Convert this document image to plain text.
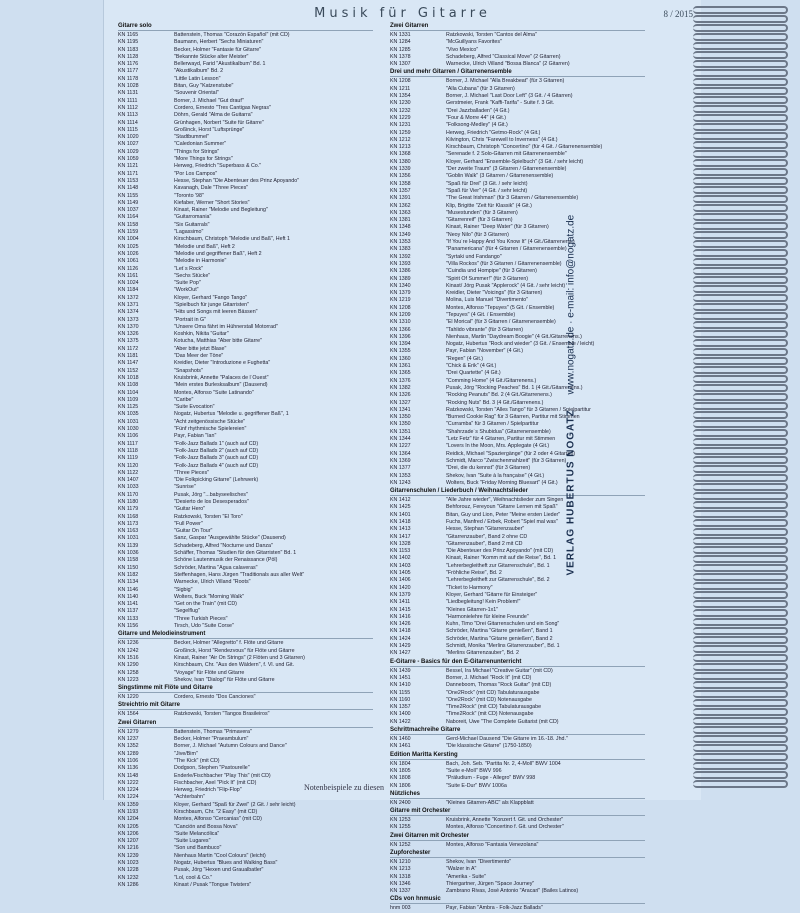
Musik für Gitarre	8 / 2015
Gitarre solo
KN 1165	Battenstein, Thomas "Corazón Español" (mit CD)
KN 1195	Baumann, Herbert "Sechs Miniaturen"
KN 1183	Becker, Holmer "Fantasie für Gitarre"
KN 1128	"Bekannte Stücke alter Meister"
KN 1176	Bellerwayd, Farid "Akustikalbum" Bd. 1
KN 1177	"Akustikalbum" Bd. 2
KN 1178	"Little Latin Lesson"
KN 1028	Bitan, Guy "Katzenstube"
KN 1131	"Souvenir Oriental"
KN 1111	Borner, J. Michael "Gut drauf"
KN 1112	Cordero, Ernesto "Tres Cantigas Negras"
KN 1113	Döhrn, Gerald "Alma de Guitarra"
KN 1114	Grünhagen, Norbert "Suite für Gitarre"
KN 1115	Großinck, Horst "Luftsprünge"
KN 1020	"Stadtbummel"
KN 1027	"Caledonian Summer"
KN 1029	"Things for Strings"
KN 1059	"More Things for Strings"
KN 1121	Herweg, Friedrich "Superbass & Co."
KN 1171	"Por Los Campos"
KN 1153	Hesse, Stephan "Die Abenteuer des Prinz Apoyando"
KN 1148	Kavanagh, Dale "Three Pieces"
KN 1155	"Toronto '98"
KN 1149	Kiefaber, Werner "Short Stories"
KN 1037	Kinast, Rainer "Melodie und Begleitung"
KN 1164	"Guitarromania"
KN 1158	"Six Guitarrals"
KN 1159	"Lagassimo"
KN 1004	Kirschbaum, Christoph "Melodie und Baß", Heft 1
KN 1025	"Melodie und Baß", Heft 2
KN 1026	"Melodie und gegriffener Baß", Heft 2
KN 1061	"Melodie in Harmonie"
KN 1126	"Let´s Rock"
KN 1161	"Sechs Stücke"
KN 1024	"Suite Pop"
KN 1184	"WorkOut"
KN 1372	Kloyer, Gerhard "Fango Tango"
KN 1371	"Spielbuch für junge Gitarristen"
KN 1374	"Hits und Songs mit leeren Bässen"
KN 1373	"Portrait in G"
KN 1370	"Unsere Oma fährt im Hühnerstall Motorrad"
KN 1326	Koshkin, Nikita "Guitar"
KN 1375	Kotucha, Matthias "Aber bitte Gitarre"
KN 1172	"Aber bitte jetzt Blase"
KN 1181	"Das Meer der Töne"
KN 1147	Kreidler, Dieter "Introduzione e Fughetta"
KN 1152	"Snapshots"
KN 1018	Kruisbrink, Annette "Palaces de l´Ouest"
KN 1108	"Mein erstes Burlesksalbum" (Dausend)
KN 1104	Montes, Alfonso "Suite Latinando"
KN 1109	"Caribe"
KN 1125	"Suite Evocation"
KN 1035	Nogatz, Hubertus "Melodie u. gegriffener Baß", 1
KN 1031	"Acht zeitgenössische Stücke"
KN 1030	"Fünf rhythmische Spielereien"
KN 1106	Payr, Fabian "Ian"
KN 1117	"Folk-Jazz Ballads 1" (auch auf CD)
KN 1118	"Folk-Jazz Ballads 2" (auch auf CD)
KN 1119	"Folk-Jazz Ballads 3" (auch auf CD)
KN 1120	"Folk-Jazz Ballads 4" (auch auf CD)
KN 1122	"Three Pieces"
KN 1407	"Die Folkpicking Gitarre" (Lehrwerk)
KN 1033	"Sunrise"
KN 1170	Pusak, Jörg "...babyseelisches"
KN 1180	"Desierto de los Desesperados"
KN 1179	"Guitar Hero"
KN 1168	Ratzkowski, Torsten "El Toro"
KN 1173	"Full Power"
KN 1163	"Guitar On Tour"
KN 1031	Sanz, Gaspar "Ausgewählte Stücke" (Dausend)
KN 1139	Schadeberg, Alfred "Nocturne und Danza"
KN 1036	Schäffer, Thomas "Studien für den Gitarristen" Bd. 1
KN 1158	Schöne Lautenmusik der Renaissance (Pöl)
KN 1150	Schröder, Martina "Agua calaveras"
KN 1182	Steffenhagen, Hans Jürgen "Traditionals aus aller Welt"
KN 1134	Warnecke, Ulrich Villand "Roots"
KN 1146	"Sigbig"
KN 1140	Wolters, Buck "Morning Walk"
KN 1141	"Get on the Train" (mit CD)
KN 1137	"Segelflug"
KN 1133	"Three Turkish Pieces"
KN 1156	Tirsch, Udo "Suite Corse"
Gitarre und Melodieinstrument
KN 1236	Becker, Holmer "Allegretto" f. Flöte und Gitarre
KN 1242	Großinck, Horst "Rendezvous" für Flöte und Gitarre
KN 1516	Kinast, Rainer "Air On Strings" (2 Flöten und 3 Gitarren)
KN 1290	Kirschbaum, Chr. "Aus den Wäldern", f. Vl. und Git.
KN 1258	"Voyage" für Flöte und Gitarre
KN 1223	Shekov, Ivan "Dialogi" für Flöte und Gitarre
Singstimme mit Flöte und Gitarre
KN 1220	Cordero, Ernesto "Dos Canciones"
Streichtrio mit Gitarre
KN 1564	Ratzkowski, Torsten "Tangos Brasileiros"
Zwei Gitarren
KN 1279	Battenstein, Thomas "Primavera"
KN 1237	Becker, Holmer "Praeambulum"
KN 1352	Borner, J. Michael "Autumn Colours and Dance"
KN 1289	"Jive/Bim"
KN 1106	"The Kick" (mit CD)
KN 1136	Dodgson, Stephen "Pastourelle"
KN 1148	Enderle/Fischbacher "Play This" (mit CD)
KN 1222	Fischbacher, Axel "Pick It" (mit CD)
KN 1224	Herweg, Friedrich "Flip-Flop"
KN 1224	"Achterbahn"
KN 1359	Kloyer, Gerhard "Spaß für Zwei" (2 Git. / sehr leicht)
KN 1193	Kirschbaum, Chr. "2 Easy" (mit CD)
KN 1204	Montes, Alfonso "Cercanias" (mit CD)
KN 1205	"Canción and Bossa Nova"
KN 1206	"Suite Melancólica"
KN 1207	"Suite Lugares"
KN 1216	"Son und Bambuco"
KN 1239	Nienhaus Martin "Cool Colours" (leicht)
KN 1023	Nogatz, Hubertus "Blues and Walking Bass"
KN 1228	Pusak, Jörg "Hexen und Graualbatler"
KN 1232	"Lol, cool & Co."
KN 1286	Kinast / Pusak "Tongue Twisters"
Zwei Gitarren
KN 1331	Ratzkowski, Torsten "Cantos del Alma"
KN 1284	"McGuillyans Favorites"
KN 1285	"Vivo Mexico"
KN 1378	Schadeberg, Alfred "Classical Move" (2 Gitarren)
KN 1307	Warnecke, Ulrich Villand "Bossa Blanca" (2 Gitarren)
Drei und mehr Gitarren / Gitarrenensemble
KN 1208	Borner, J. Michael "Alla Breakbeat" (für 3 Gitarren)
KN 1211	"Alla Cubana" (für 3 Gitarren)
KN 1354	Borner, J. Michael "Last Door Left" (3 Git. / 4 Gitarren)
KN 1230	Gerstmeier, Frank "Kaffi-Tarifa" - Suite f. 3 Git.
KN 1232	"Drei Jazzballaden" (4 Git.)
KN 1229	"Four & Morre 44" (4 Git.)
KN 1231	"Folksong-Medley" (4 Git.)
KN 1259	Herweg, Friedrich "Getmo-Rock" (4 Git.)
KN 1212	Kilvington, Chris "Farewell to Inverness" (4 Git.)
KN 1213	Kirschbaum, Christoph "Concertino" (für 4 Git. / Gitarrenensemble)
KN 1368	"Serenade f. 2 Solo-Gitarren mit Gitarrenensemble"
KN 1380	Kloyer, Gerhard "Ensemble-Spielbuch" (3 Git. / sehr leicht)
KN 1339	"Der zweite Traum" (3 Gitarren / Gitarrenensemble)
KN 1356	"Goblin Walk" (3 Gitarren / Gitarrenensemble)
KN 1358	"Spaß für Drei" (3 Git. / sehr leicht)
KN 1357	"Spaß für Vier" (4 Git. / sehr leicht)
KN 1391	"The Great Irishman" (für 3 Gitarren / Gitarrenensemble)
KN 1362	Klip, Brigitte "Zeit für Klassik" (4 Git.)
KN 1363	"Musestunden" (für 3 Gitarren)
KN 1381	"Gitarrenreif" (für 3 Gitarren)
KN 1348	Kinast, Rainer "Deep Water" (für 3 Gitarren)
KN 1349	"Neoy Nilo" (für 3 Gitarren)
KN 1353	"If You´re Happy And You Know It" (4 Git./Gitarrenens.)
KN 1383	"Panamericana" (für 4 Gitarren / Gitarrenensemble)
KN 1392	"Syrtaki und Fandango"
KN 1393	"Villa Rockos" (für 3 Gitarren / Gitarrenensemble)
KN 1386	"Cuindia und Hompipe" (für 3 Gitarren)
KN 1389	"Spirit Of Summer!" (für 3 Gitarren)
KN 1340	Kinast/ Jörg Pusak "Applerock" (4 Git. / sehr leicht)
KN 1379	Kreidler, Dieter "Voicings" (für 3 Gitarren)
KN 1219	Molina, Luis Manuel "Divertimento"
KN 1208	Montes, Alfonso "Tepuyes" (5 Git. / Ensemble)
KN 1209	"Tepuyes" (4 Git. / Ensemble)
KN 1310	"El Morical" (für 3 Gitarren / Gitarrenensemble)
KN 1366	"Tahlido vibrante" (für 3 Gitarren)
KN 1396	Nienhaus, Martin "Daydream Boogie" (4 Git./Gitarrenens.)
KN 1394	Nogatz, Hubertus "Rock and wieder" (3 Git. / Ensemble / leicht)
KN 1355	Payr, Fabian "November" (4 Git.)
KN 1360	"Regen" (4 Git.)
KN 1361	"Chick & Erik" (4 Git.)
KN 1365	"Drei Quartette" (4 Git.)
KN 1376	"Comming Home" (4 Git./Gitarrenens.)
KN 1382	Pusak, Jörg "Rocking Peaches" Bd. 1 (4 Git./Gitarrenens.)
KN 1326	"Rocking Peanuts" Bd. 2 (4 Git./Gitarrenens.)
KN 1327	"Rocking Nuts" Bd. 3 (4 Git./Gitarrenens.)
KN 1341	Ratzkowski, Torsten "Alles Tango" für 3 Gitarren / Spielpartitur
KN 1350	"Burned Cookie Rag" für 3 Gitarren, Partitur mit Stimmen
KN 1350	"Curramba" für 3 Gitarren / Spielpartitur
KN 1351	"Shahrzade´s Shubidua" (Gitarrenensemble)
KN 1344	"Letz Fetz" für 4 Gitarren, Partitur mit Stimmen
KN 1227	"Lovers In the Moon, Mrs. Applegate (4 Git.)
KN 1364	Reidick, Michael "Spaziergänge" (für 2 oder 4 Gitarren)
KN 1369	Schmidt, Marco "Zwischenmahlzeit" (für 3 Gitarren)
KN 1377	"Drei, die du kennst" (für 3 Gitarren)
KN 1353	Shekov, Ivan "Suite à la française" (4 Git.)
KN 1243	Wolters, Buck "Friday Morning Bluesart" (4 Git.)
Gitarrenschulen / Liederbuch / Weihnachtslieder
KN 1412	"Alle Jahre wieder", Weihnachtslieder zum Singen
KN 1425	Behforouz, Fereyoun "Gitarre Lernen mit Spaß"
KN 1401	Bitan, Guy und Lion, Peter "Meine ersten Lieder"
KN 1418	Fuchs, Manfred / Erbek, Robert "Spiel mal was"
KN 1413	Hesse, Stephan "Gitarrenzauber"
KN 1417	"Gitarrenzauber", Band 2 ohne CD
KN 1328	"Gitarrenzauber", Band 2 mit CD
KN 1153	"Die Abenteuer des Prinz Apoyando" (mit CD)
KN 1402	Kinast, Rainer "Komm mit auf die Reise", Bd. 1
KN 1403	"Lehrerbegleitheft zur Gitarrenschule", Bd. 1
KN 1405	"Fröhliche Reise", Bd. 2
KN 1406	"Lehrerbegleitheft zur Gitarrenschule", Bd. 2
KN 1420	"Ticket to Harmony"
KN 1379	Kloyer, Gerhard "Gitarre für Einsteiger"
KN 1411	"Liedbegleitung! Kein Problem!"
KN 1415	"Kleines Gitarren-1x1"
KN 1416	"Harmonielehre für kleine Freunde"
KN 1426	Kuhn, Timo "Drei Gitarrenschulen und ein Song"
KN 1418	Schröder, Martina "Gitarre genießen", Band 1
KN 1424	Schröder, Martina "Gitarre genießen", Band 2
KN 1429	Schmidt, Monika "Merlins Gitarrenzauber", Bd. 1
KN 1427	"Merlins Gitarrenzauber", Bd. 2
E-Gitarre - Basics für den E-Gitarrenunterricht
KN 1439	Bessel, Ira Michael "Creative Guitar" (mit CD)
KN 1451	Borner, J. Michael "Rock It" (mit CD)
KN 1410	Danneboom, Thomas "Rock Guitar" (mit CD)
KN 1155	"One2Rock" (mit CD) Tabulaturausgabe
KN 1160	"One2Rock" (mit CD) Notenausgabe
KN 1357	"Time2Rock" (mit CD) Tabulaturausgabe
KN 1400	"Time2Rock" (mit CD) Notenausgabe
KN 1422	Naboreit, Uwe "The Complete Guitarist (mit CD)
Schrittmachreihe Gitarre
KN 1460	Gerd-Michael Dausend "Die Gitarre im 16.-18. Jhd."
KN 1461	"Die klassische Gitarre" (1750-1850)
Edition Maritta Kersting
KN 1804	Bach, Joh. Seb. "Partita Nr. 2, 4-Moll" BWV 1004
KN 1805	"Suite e-Moll" BWV 996
KN 1808	"Präludium - Fuge - Allegro" BWV 998
KN 1806	"Suite E-Dur" BWV 1006a
Nützliches
KN 2400	"Kleines Gitarren-ABC" als Klappblatt
Gitarre mit Orchester
KN 1253	Kruisbrink, Annette "Konzert f. Git. und Orchester"
KN 1255	Montes, Alfonso "Concertino f. Git. und Orchester"
Zwei Gitarren mit Orchester
KN 1252	Montes, Alfonso "Fantasia Venezolana"
Zupforchester
KN 1210	Shekov, Ivan "Divertimento"
KN 1213	"Walzer in A"
KN 1318	"Amerika - Suite"
KN 1346	Thiergartner, Jürgen "Space Journey"
KN 1337	Zambrano Rivas, José Antonio "Aracari" (Bailes Latinos)
CDs von hnmusic
hnm 003	Payr, Fabian "Ambra - Folk-Jazz Ballads"
Notenbeispiele zu diesen
VERLAG HUBERTUS NOGATZ www.nogatz.de · e-mail: info@nogatz.de
